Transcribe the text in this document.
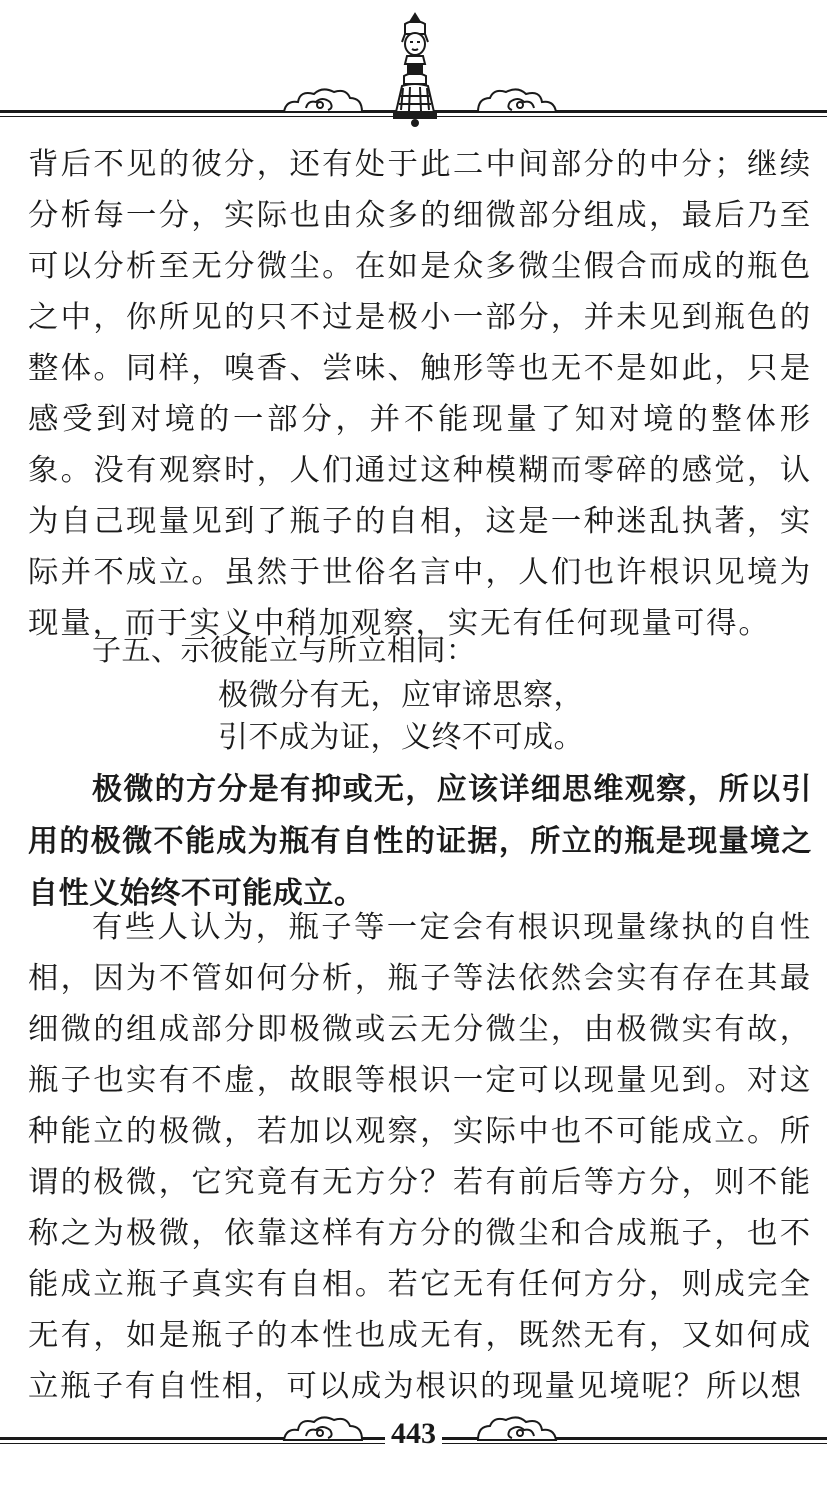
背后不见的彼分，还有处于此二中间部分的中分；继续分析每一分，实际也由众多的细微部分组成，最后乃至可以分析至无分微尘。在如是众多微尘假合而成的瓶色之中，你所见的只不过是极小一部分，并未见到瓶色的整体。同样，嗅香、尝味、触形等也无不是如此，只是感受到对境的一部分，并不能现量了知对境的整体形象。没有观察时，人们通过这种模糊而零碎的感觉，认为自己现量见到了瓶子的自相，这是一种迷乱执著，实际并不成立。虽然于世俗名言中，人们也许根识见境为现量，而于实义中稍加观察，实无有任何现量可得。

子五、示彼能立与所立相同：
极微分有无，应审谛思察，
引不成为证，义终不可成。

极微的方分是有抑或无，应该详细思维观察，所以引用的极微不能成为瓶有自性的证据，所立的瓶是现量境之自性义始终不可能成立。

有些人认为，瓶子等一定会有根识现量缘执的自性相，因为不管如何分析，瓶子等法依然会实有存在其最细微的组成部分即极微或云无分微尘，由极微实有故，瓶子也实有不虚，故眼等根识一定可以现量见到。对这种能立的极微，若加以观察，实际中也不可能成立。所谓的极微，它究竟有无方分？若有前后等方分，则不能称之为极微，依靠这样有方分的微尘和合成瓶子，也不能成立瓶子真实有自相。若它无有任何方分，则成完全无有，如是瓶子的本性也成无有，既然无有，又如何成立瓶子有自性相，可以成为根识的现量见境呢？所以想

443
